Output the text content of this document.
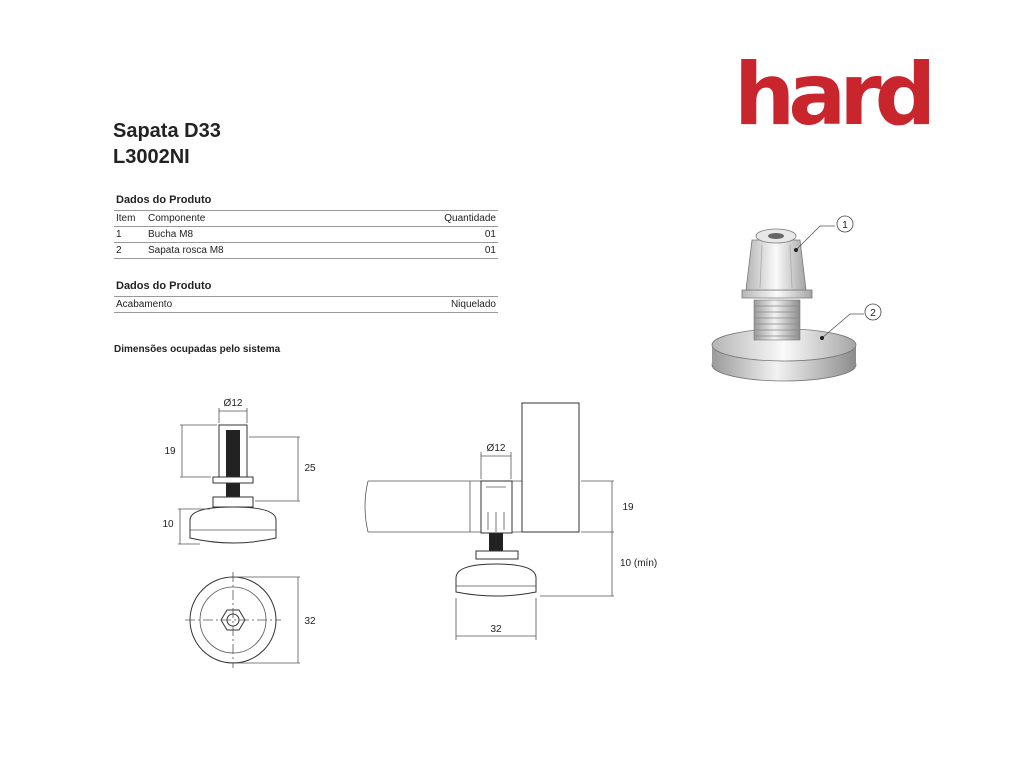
hard
Sapata D33
L3002NI
Dados do Produto
Item	Componente	Quantidade
1	Bucha M8	01
2	Sapata rosca M8	01
Dados do Produto
Acabamento	Niquelado
Dimensões ocupadas pelo sistema
1
2
Ø12
19
25
10
32
Ø12
19
10 (mín)
32
